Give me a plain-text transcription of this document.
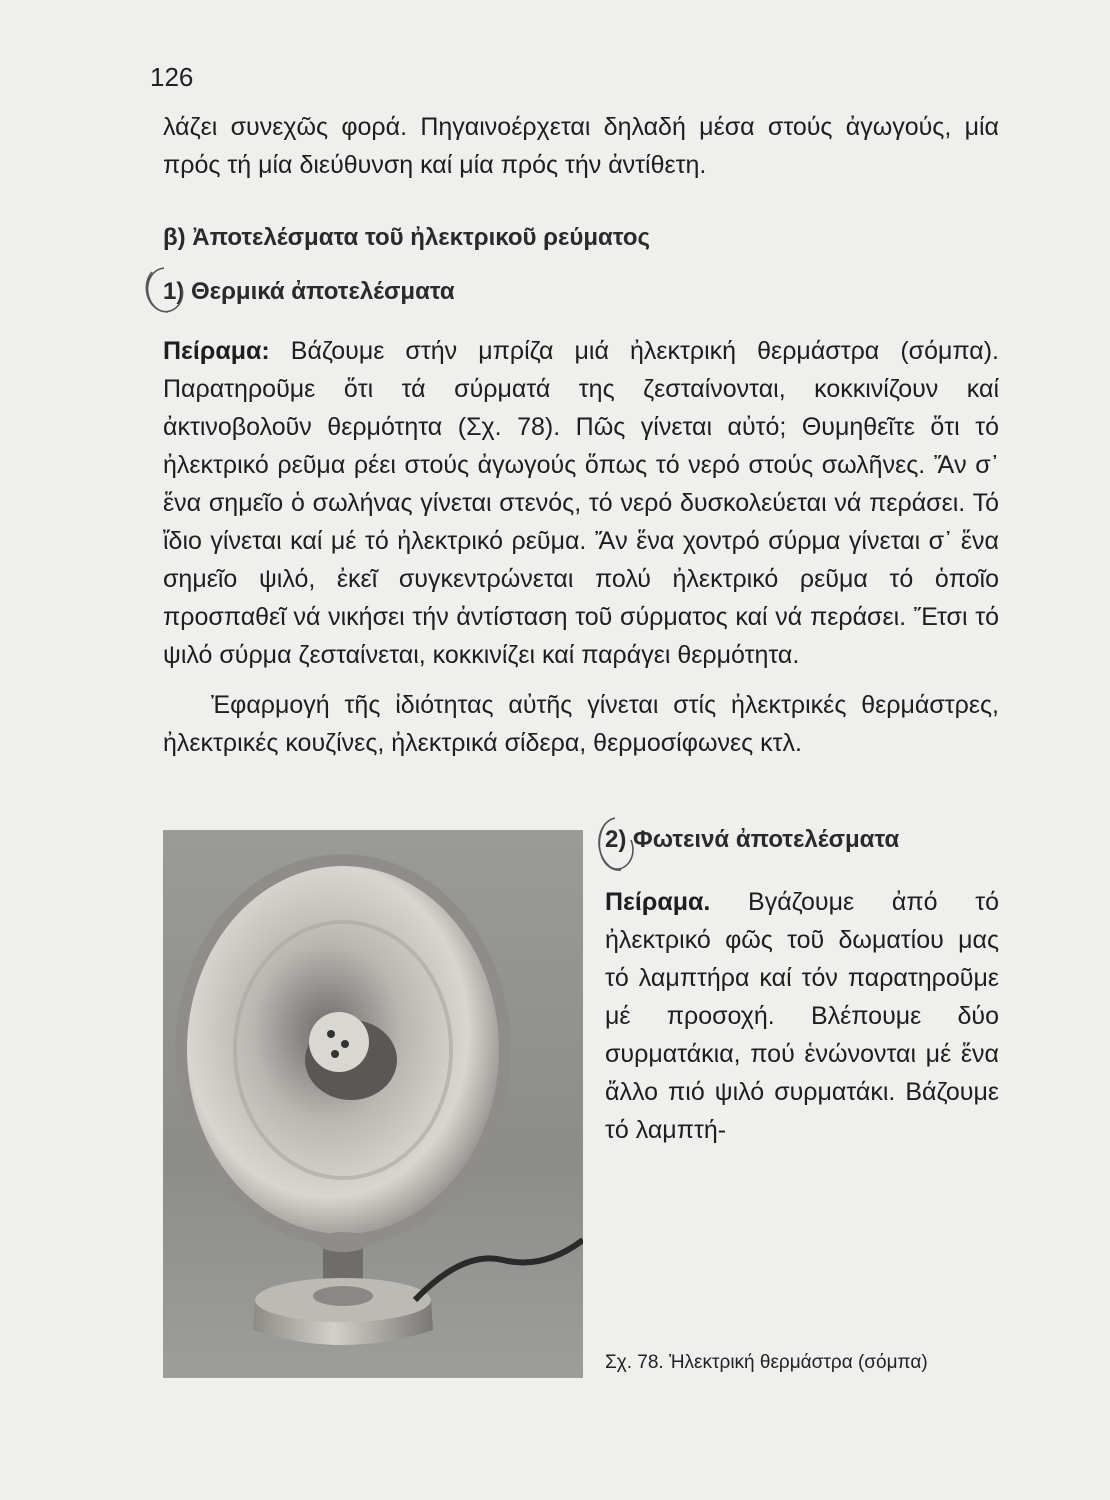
126

λάζει συνεχῶς φορά. Πηγαινοέρχεται δηλαδή μέσα στούς ἀγωγούς, μία πρός τή μία διεύθυνση καί μία πρός τήν ἀντίθετη.

β) Ἀποτελέσματα τοῦ ἠλεκτρικοῦ ρεύματος
1) Θερμικά ἀποτελέσματα

Πείραμα: Βάζουμε στήν μπρίζα μιά ἠλεκτρική θερμάστρα (σόμπα). Παρατηροῦμε ὅτι τά σύρματά της ζεσταίνονται, κοκκινίζουν καί ἀκτινοβολοῦν θερμότητα (Σχ. 78). Πῶς γίνεται αὐτό; Θυμηθεῖτε ὅτι τό ἠλεκτρικό ρεῦμα ρέει στούς ἀγωγούς ὅπως τό νερό στούς σωλῆνες. Ἄν σ᾽ ἕνα σημεῖο ὁ σωλήνας γίνεται στενός, τό νερό δυσκολεύεται νά περάσει. Τό ἴδιο γίνεται καί μέ τό ἠλεκτρικό ρεῦμα. Ἄν ἕνα χοντρό σύρμα γίνεται σ᾽ ἕνα σημεῖο ψιλό, ἐκεῖ συγκεντρώνεται πολύ ἠλεκτρικό ρεῦμα τό ὁποῖο προσπαθεῖ νά νικήσει τήν ἀντίσταση τοῦ σύρματος καί νά περάσει. Ἔτσι τό ψιλό σύρμα ζεσταίνεται, κοκκινίζει καί παράγει θερμότητα.

Ἐφαρμογή τῆς ἰδιότητας αὐτῆς γίνεται στίς ἠλεκτρικές θερμάστρες, ἠλεκτρικές κουζίνες, ἠλεκτρικά σίδερα, θερμοσίφωνες κτλ.

2) Φωτεινά ἀποτελέσματα

Πείραμα. Βγάζουμε ἀπό τό ἠλεκτρικό φῶς τοῦ δωματίου μας τό λαμπτήρα καί τόν παρατηροῦμε μέ προσοχή. Βλέπουμε δύο συρματάκια, πού ἑνώνονται μέ ἕνα ἄλλο πιό ψιλό συρματάκι. Βάζουμε τό λαμπτή-

Σχ. 78. Ἠλεκτρική θερμάστρα (σόμπα)
